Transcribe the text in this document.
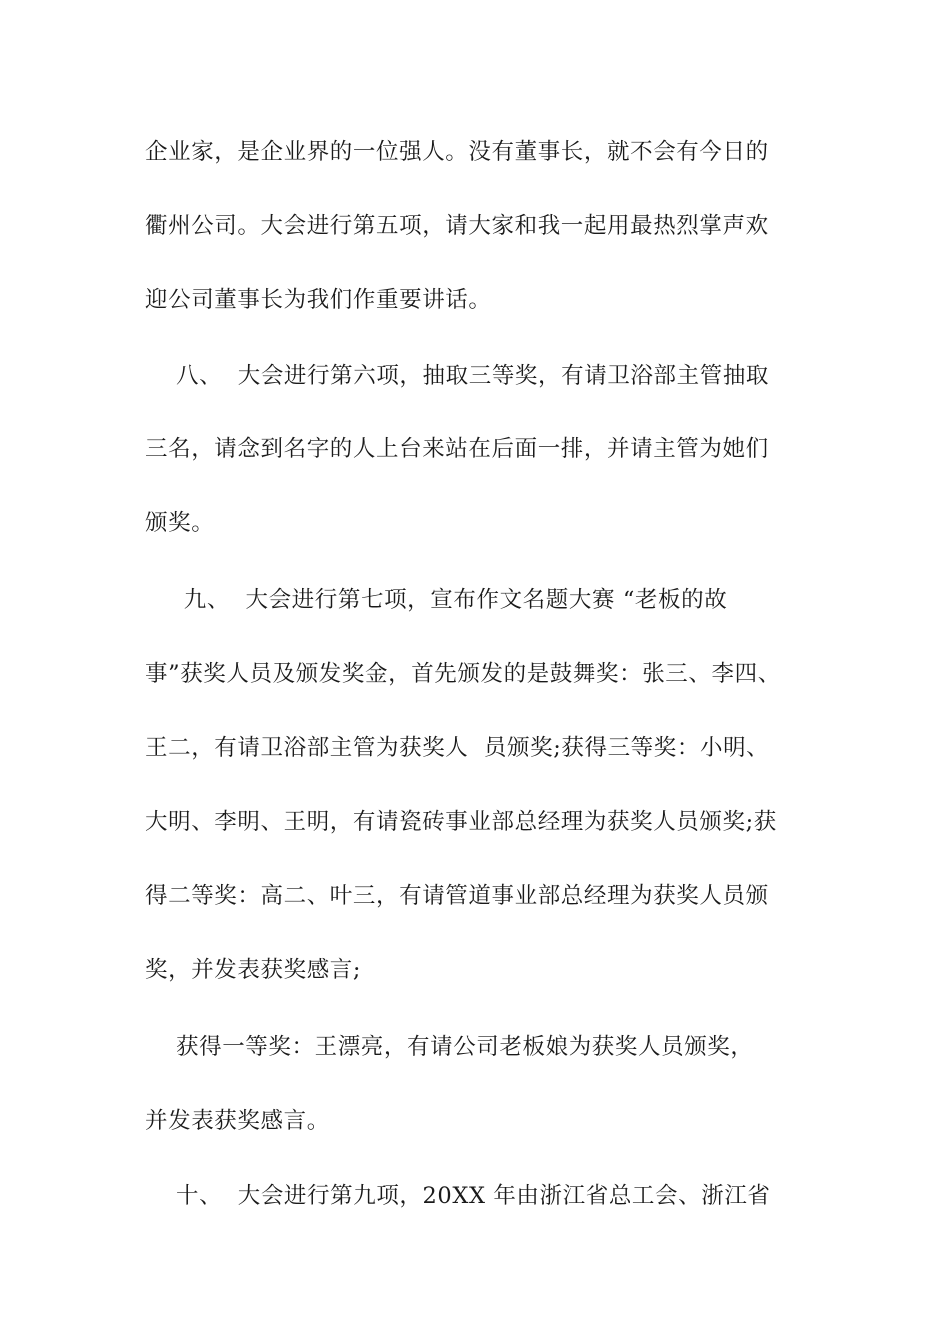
企业家，是企业界的一位强人。没有董事长，就不会有今日的
衢州公司。大会进行第五项，请大家和我一起用最热烈掌声欢
迎公司董事长为我们作重要讲话。
八、  大会进行第六项，抽取三等奖，有请卫浴部主管抽取
三名，请念到名字的人上台来站在后面一排，并请主管为她们
颁奖。
九、  大会进行第七项，宣布作文名题大赛 “老板的故
事”获奖人员及颁发奖金，首先颁发的是鼓舞奖：张三、李四、
王二，有请卫浴部主管为获奖人  员颁奖;获得三等奖：小明、
大明、李明、王明，有请瓷砖事业部总经理为获奖人员颁奖;获
得二等奖：高二、叶三，有请管道事业部总经理为获奖人员颁
奖，并发表获奖感言;
获得一等奖：王漂亮，有请公司老板娘为获奖人员颁奖，
并发表获奖感言。
十、  大会进行第九项，20XX 年由浙江省总工会、浙江省
